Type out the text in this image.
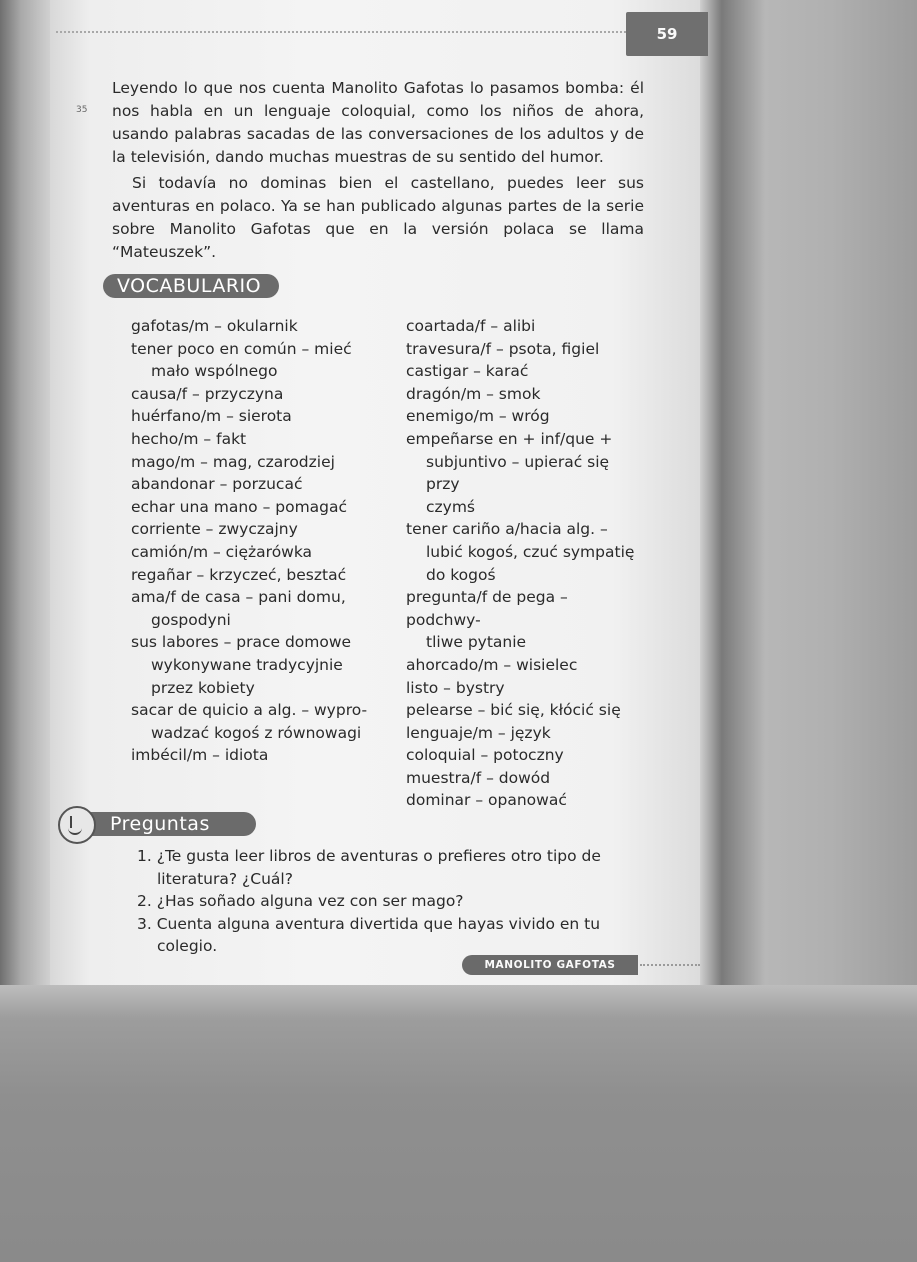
59
35

Leyendo lo que nos cuenta Manolito Gafotas lo pasamos bomba: él nos habla en un lenguaje coloquial, como los niños de ahora, usando palabras sacadas de las conversaciones de los adultos y de la televisión, dando muchas muestras de su sentido del humor.

Si todavía no dominas bien el castellano, puedes leer sus aventuras en polaco. Ya se han publicado algunas partes de la serie sobre Manolito Gafotas que en la versión polaca se llama “Mateuszek”.

VOCABULARIO
gafotas/m – okularnik
tener poco en común – mieć
mało wspólnego
causa/f – przyczyna
huérfano/m – sierota
hecho/m – fakt
mago/m – mag, czarodziej
abandonar – porzucać
echar una mano – pomagać
corriente – zwyczajny
camión/m – ciężarówka
regañar – krzyczeć, besztać
ama/f de casa – pani domu,
gospodyni
sus labores – prace domowe
wykonywane tradycyjnie
przez kobiety
sacar de quicio a alg. – wypro-
wadzać kogoś z równowagi
imbécil/m – idiota
coartada/f – alibi
travesura/f – psota, figiel
castigar – karać
dragón/m – smok
enemigo/m – wróg
empeñarse en + inf/que +
subjuntivo – upierać się przy
czymś
tener cariño a/hacia alg. –
lubić kogoś, czuć sympatię
do kogoś
pregunta/f de pega – podchwy-
tliwe pytanie
ahorcado/m – wisielec
listo – bystry
pelearse – bić się, kłócić się
lenguaje/m – język
coloquial – potoczny
muestra/f – dowód
dominar – opanować
Preguntas
1. ¿Te gusta leer libros de aventuras o prefieres otro tipo de literatura? ¿Cuál?
2. ¿Has soñado alguna vez con ser mago?
3. Cuenta alguna aventura divertida que hayas vivido en tu colegio.
MANOLITO GAFOTAS
